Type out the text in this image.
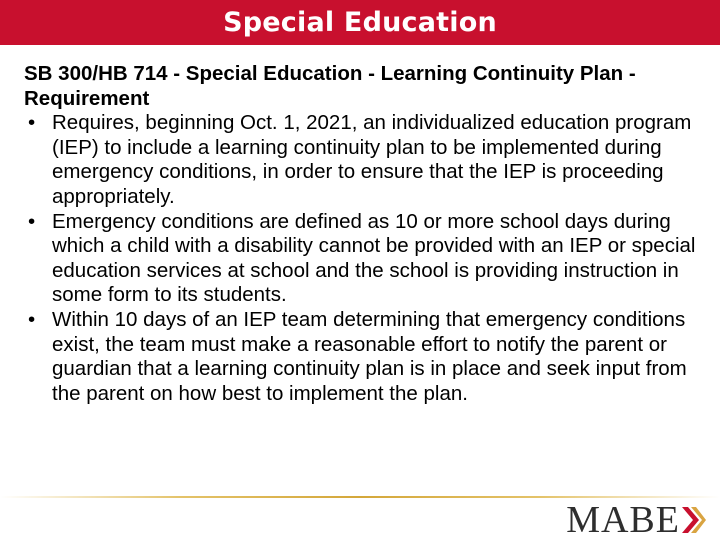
Special Education

SB 300/HB 714 - Special Education - Learning Continuity Plan - Requirement

• Requires, beginning Oct. 1, 2021, an individualized education program (IEP) to include a learning continuity plan to be implemented during emergency conditions, in order to ensure that the IEP is proceeding appropriately.
• Emergency conditions are defined as 10 or more school days during which a child with a disability cannot be provided with an IEP or special education services at school and the school is providing instruction in some form to its students.
• Within 10 days of an IEP team determining that emergency conditions exist, the team must make a reasonable effort to notify the parent or guardian that a learning continuity plan is in place and seek input from the parent on how best to implement the plan.
MABE
